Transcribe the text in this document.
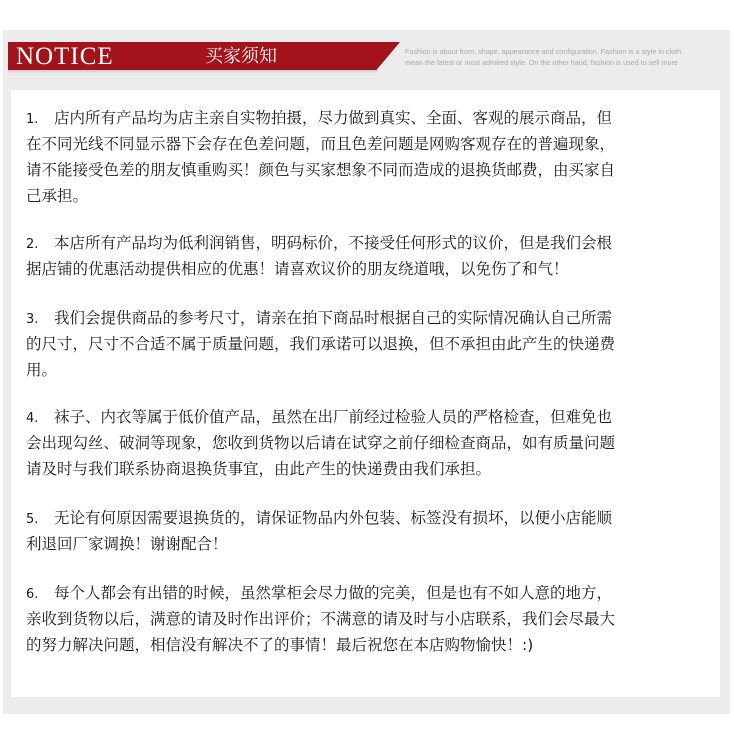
NOTICE	买家须知	Fashion is about from, shape, appearance and configuration. Fashion is a style in cloth
mean the latest or most admired style. On the other hand, fashion is used to sell more
1. 店内所有产品均为店主亲自实物拍摄，尽力做到真实、全面、客观的展示商品，但
在不同光线不同显示器下会存在色差问题，而且色差问题是网购客观存在的普遍现象，
请不能接受色差的朋友慎重购买！颜色与买家想象不同而造成的退换货邮费，由买家自
己承担。
2. 本店所有产品均为低利润销售，明码标价，不接受任何形式的议价，但是我们会根
据店铺的优惠活动提供相应的优惠！请喜欢议价的朋友绕道哦，以免伤了和气！
3. 我们会提供商品的参考尺寸，请亲在拍下商品时根据自己的实际情况确认自己所需
的尺寸，尺寸不合适不属于质量问题，我们承诺可以退换，但不承担由此产生的快递费
用。
4. 袜子、内衣等属于低价值产品，虽然在出厂前经过检验人员的严格检查，但难免也
会出现勾丝、破洞等现象，您收到货物以后请在试穿之前仔细检查商品，如有质量问题
请及时与我们联系协商退换货事宜，由此产生的快递费由我们承担。
5. 无论有何原因需要退换货的，请保证物品内外包装、标签没有损坏，以便小店能顺
利退回厂家调换！谢谢配合！
6. 每个人都会有出错的时候，虽然掌柜会尽力做的完美，但是也有不如人意的地方，
亲收到货物以后，满意的请及时作出评价；不满意的请及时与小店联系，我们会尽最大
的努力解决问题，相信没有解决不了的事情！最后祝您在本店购物愉快！:)
